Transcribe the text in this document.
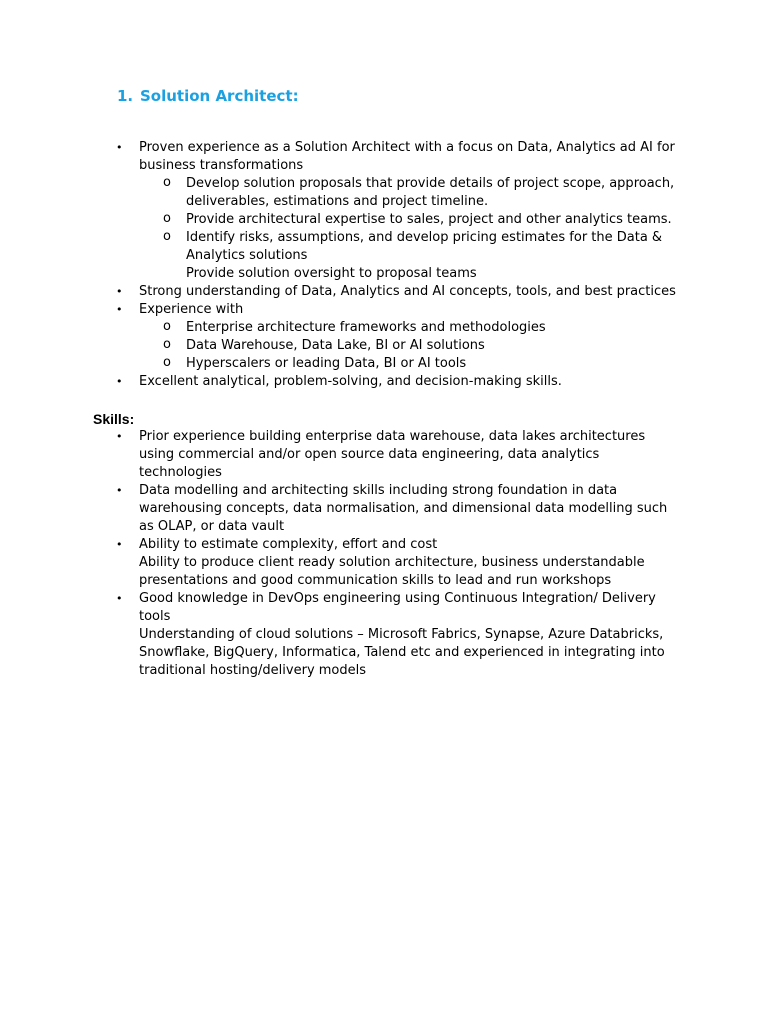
1. Solution Architect:
• Proven experience as a Solution Architect with a focus on Data, Analytics ad AI for business transformations
o Develop solution proposals that provide details of project scope, approach, deliverables, estimations and project timeline.
o Provide architectural expertise to sales, project and other analytics teams.
o Identify risks, assumptions, and develop pricing estimates for the Data & Analytics solutions
Provide solution oversight to proposal teams
• Strong understanding of Data, Analytics and AI concepts, tools, and best practices
• Experience with
o Enterprise architecture frameworks and methodologies
o Data Warehouse, Data Lake, BI or AI solutions
o Hyperscalers or leading Data, BI or AI tools
• Excellent analytical, problem-solving, and decision-making skills.
Skills:
• Prior experience building enterprise data warehouse, data lakes architectures using commercial and/or open source data engineering, data analytics technologies
• Data modelling and architecting skills including strong foundation in data warehousing concepts, data normalisation, and dimensional data modelling such as OLAP, or data vault
• Ability to estimate complexity, effort and cost
Ability to produce client ready solution architecture, business understandable presentations and good communication skills to lead and run workshops
• Good knowledge in DevOps engineering using Continuous Integration/ Delivery tools
Understanding of cloud solutions – Microsoft Fabrics, Synapse, Azure Databricks, Snowflake, BigQuery, Informatica, Talend etc and experienced in integrating into traditional hosting/delivery models
